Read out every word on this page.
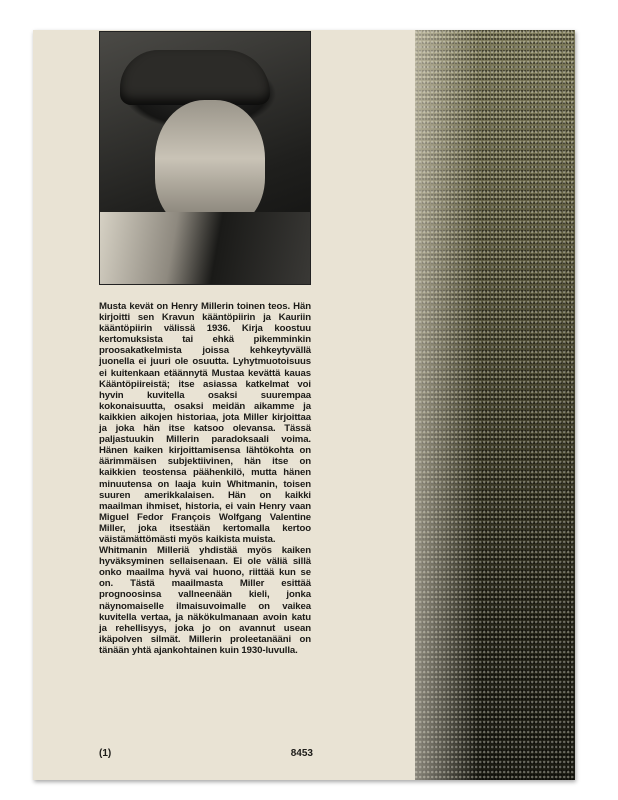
Musta kevät on Henry Millerin toinen teos. Hän kirjoitti sen Kravun kääntöpiirin ja Kauriin kääntöpiirin välissä 1936. Kirja koostuu kertomuksista tai ehkä pikemminkin proosakatkelmista joissa kehkeytyvällä juonella ei juuri ole osuutta. Lyhytmuotoisuus ei kuitenkaan etäännytä Mustaa kevättä kauas Kääntöpiireistä; itse asiassa katkelmat voi hyvin kuvitella osaksi suurempaa kokonaisuutta, osaksi meidän aikamme ja kaikkien aikojen historiaa, jota Miller kirjoittaa ja joka hän itse katsoo olevansa. Tässä paljastuukin Millerin paradoksaali voima. Hänen kaiken kirjoittamisensa lähtökohta on äärimmäisen subjektiivinen, hän itse on kaikkien teostensa päähenkilö, mutta hänen minuutensa on laaja kuin Whitmanin, toisen suuren amerikkalaisen. Hän on kaikki maailman ihmiset, historia, ei vain Henry vaan Miguel Fedor François Wolfgang Valentine Miller, joka itsestään kertomalla kertoo väistämättömästi myös kaikista muista.

Whitmanin Milleriä yhdistää myös kaiken hyväksyminen sellaisenaan. Ei ole väliä sillä onko maailma hyvä vai huono, riittää kun se on. Tästä maailmasta Miller esittää prognoosinsa vallneenään kieli, jonka näynomaiselle ilmaisuvoimalle on vaikea kuvitella vertaa, ja näkökulmanaan avoin katu ja rehellisyys, joka jo on avannut usean ikäpolven silmät. Millerin proleetanääni on tänään yhtä ajankohtainen kuin 1930-luvulla.

(1)	8453
